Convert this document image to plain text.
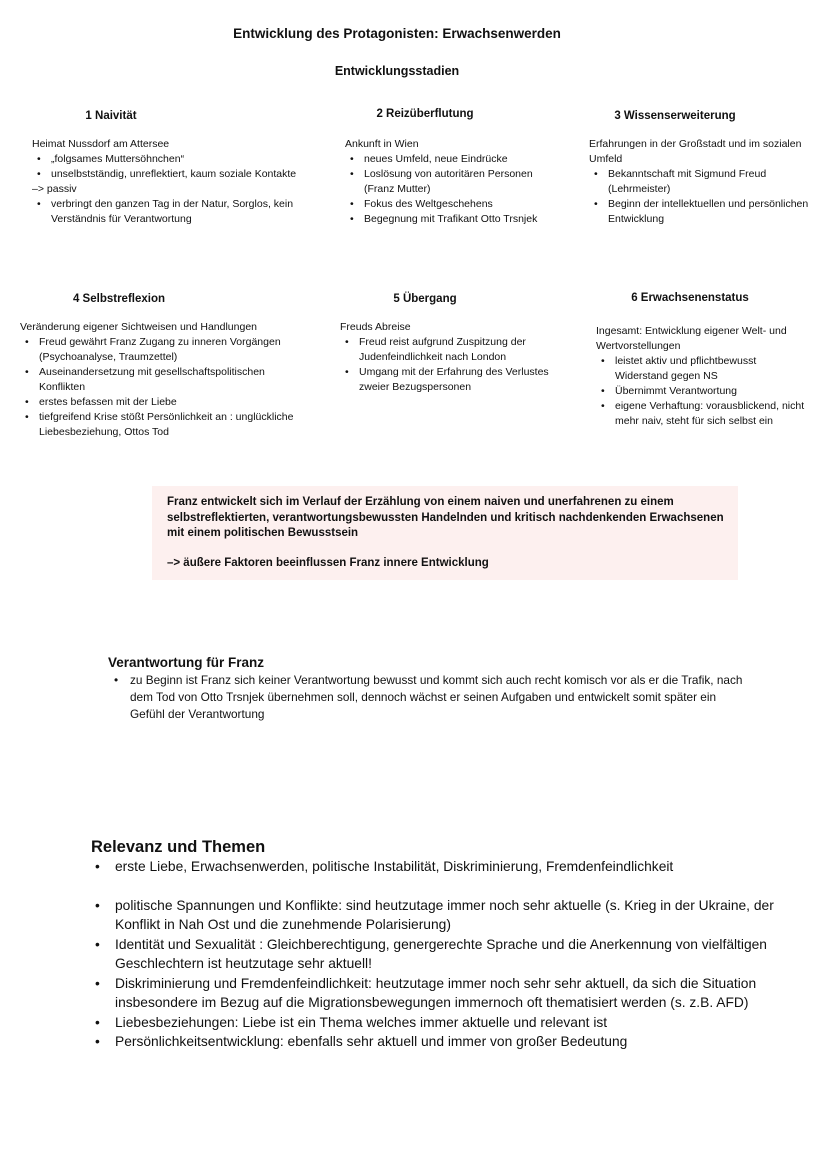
Entwicklung des Protagonisten: Erwachsenwerden
Entwicklungsstadien
1 Naivität
Heimat Nussdorf am Attersee
• „folgsames Muttersöhnchen“
• unselbstständig, unreflektiert, kaum soziale Kontakte
–> passiv
• verbringt den ganzen Tag in der Natur, Sorglos, kein Verständnis für Verantwortung
2 Reizüberflutung
Ankunft in Wien
• neues Umfeld, neue Eindrücke
• Loslösung von autoritären Personen (Franz Mutter)
• Fokus des Weltgeschehens
• Begegnung mit Trafikant Otto Trsnjek
3 Wissenserweiterung
Erfahrungen in der Großstadt und im sozialen Umfeld
• Bekanntschaft mit Sigmund Freud (Lehrmeister)
• Beginn der intellektuellen und persönlichen Entwicklung
4 Selbstreflexion
Veränderung eigener Sichtweisen und Handlungen
• Freud gewährt Franz Zugang zu inneren Vorgängen (Psychoanalyse, Traumzettel)
• Auseinandersetzung mit gesellschaftspolitischen Konflikten
• erstes befassen mit der Liebe
• tiefgreifend Krise stößt Persönlichkeit an : unglückliche Liebesbeziehung, Ottos Tod
5 Übergang
Freuds Abreise
• Freud reist aufgrund Zuspitzung der Judenfeindlichkeit nach London
• Umgang mit der Erfahrung des Verlustes zweier Bezugspersonen
6 Erwachsenenstatus
Ingesamt: Entwicklung eigener Welt- und Wertvorstellungen
• leistet aktiv und pflichtbewusst Widerstand gegen NS
• Übernimmt Verantwortung
• eigene Verhaftung: vorausblickend, nicht mehr naiv, steht für sich selbst ein
Franz entwickelt sich im Verlauf der Erzählung von einem naiven und unerfahrenen zu einem selbstreflektierten, verantwortungsbewussten Handelnden und kritisch nachdenkenden Erwachsenen mit einem politischen Bewusstsein
–> äußere Faktoren beeinflussen Franz innere Entwicklung
Verantwortung für Franz
• zu Beginn ist Franz sich keiner Verantwortung bewusst und kommt sich auch recht komisch vor als er die Trafik, nach dem Tod von Otto Trsnjek übernehmen soll, dennoch wächst er seinen Aufgaben und entwickelt somit später ein Gefühl der Verantwortung
Relevanz und Themen
• erste Liebe, Erwachsenwerden, politische Instabilität, Diskriminierung, Fremdenfeindlichkeit
• politische Spannungen und Konflikte: sind heutzutage immer noch sehr aktuelle (s. Krieg in der Ukraine, der Konflikt in Nah Ost und die zunehmende Polarisierung)
• Identität und Sexualität : Gleichberechtigung, genergerechte Sprache und die Anerkennung von vielfältigen Geschlechtern ist heutzutage sehr aktuell!
• Diskriminierung und Fremdenfeindlichkeit: heutzutage immer noch sehr sehr aktuell, da sich die Situation insbesondere im Bezug auf die Migrationsbewegungen immernoch oft thematisiert werden (s. z.B. AFD)
• Liebesbeziehungen: Liebe ist ein Thema welches immer aktuelle und relevant ist
• Persönlichkeitsentwicklung: ebenfalls sehr aktuell und immer von großer Bedeutung
